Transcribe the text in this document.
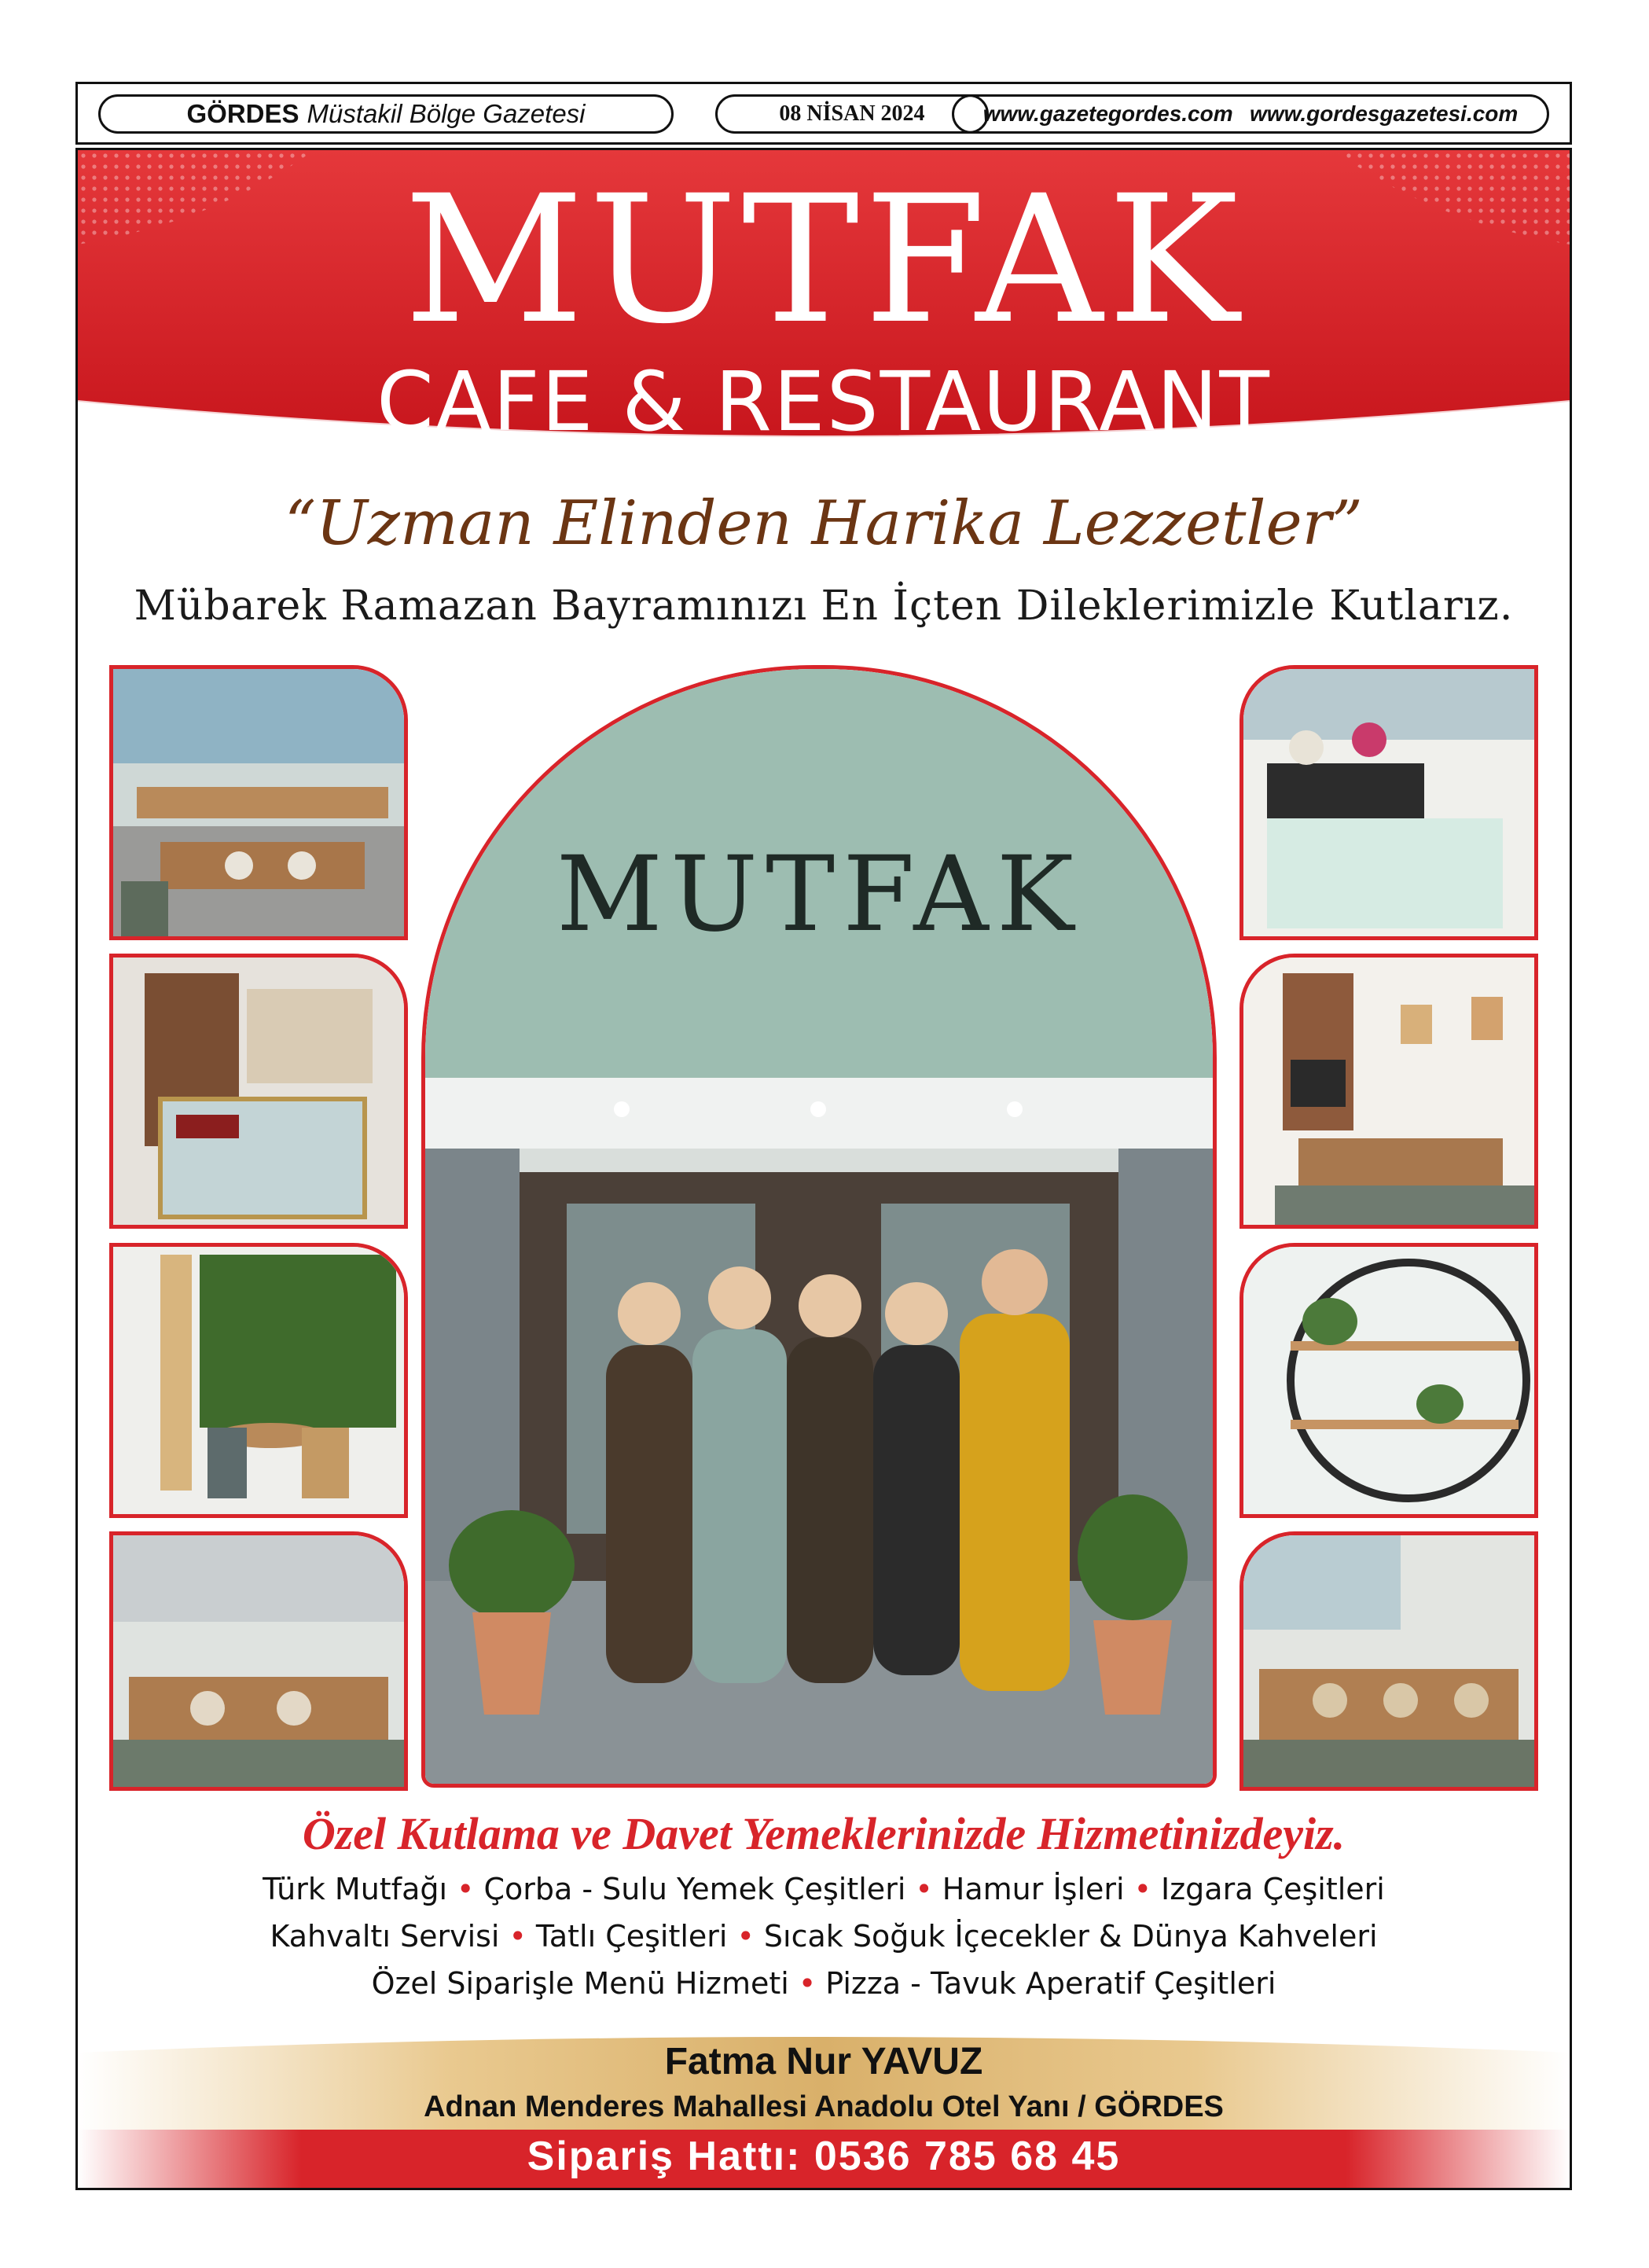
GÖRDES Müstakil Bölge Gazetesi	08 NİSAN 2024	www.gazetegordes.com www.gordesgazetesi.com
MUTFAK
CAFE & RESTAURANT
“Uzman Elinden Harika Lezzetler”
Mübarek Ramazan Bayramınızı En İçten Dileklerimizle Kutlarız.
MUTFAK
Özel Kutlama ve Davet Yemeklerinizde Hizmetinizdeyiz.
Türk Mutfağı • Çorba - Sulu Yemek Çeşitleri • Hamur İşleri • Izgara Çeşitleri
Kahvaltı Servisi • Tatlı Çeşitleri • Sıcak Soğuk İçecekler & Dünya Kahveleri
Özel Siparişle Menü Hizmeti • Pizza - Tavuk Aperatif Çeşitleri
Fatma Nur YAVUZ
Adnan Menderes Mahallesi Anadolu Otel Yanı / GÖRDES
Sipariş Hattı: 0536 785 68 45
